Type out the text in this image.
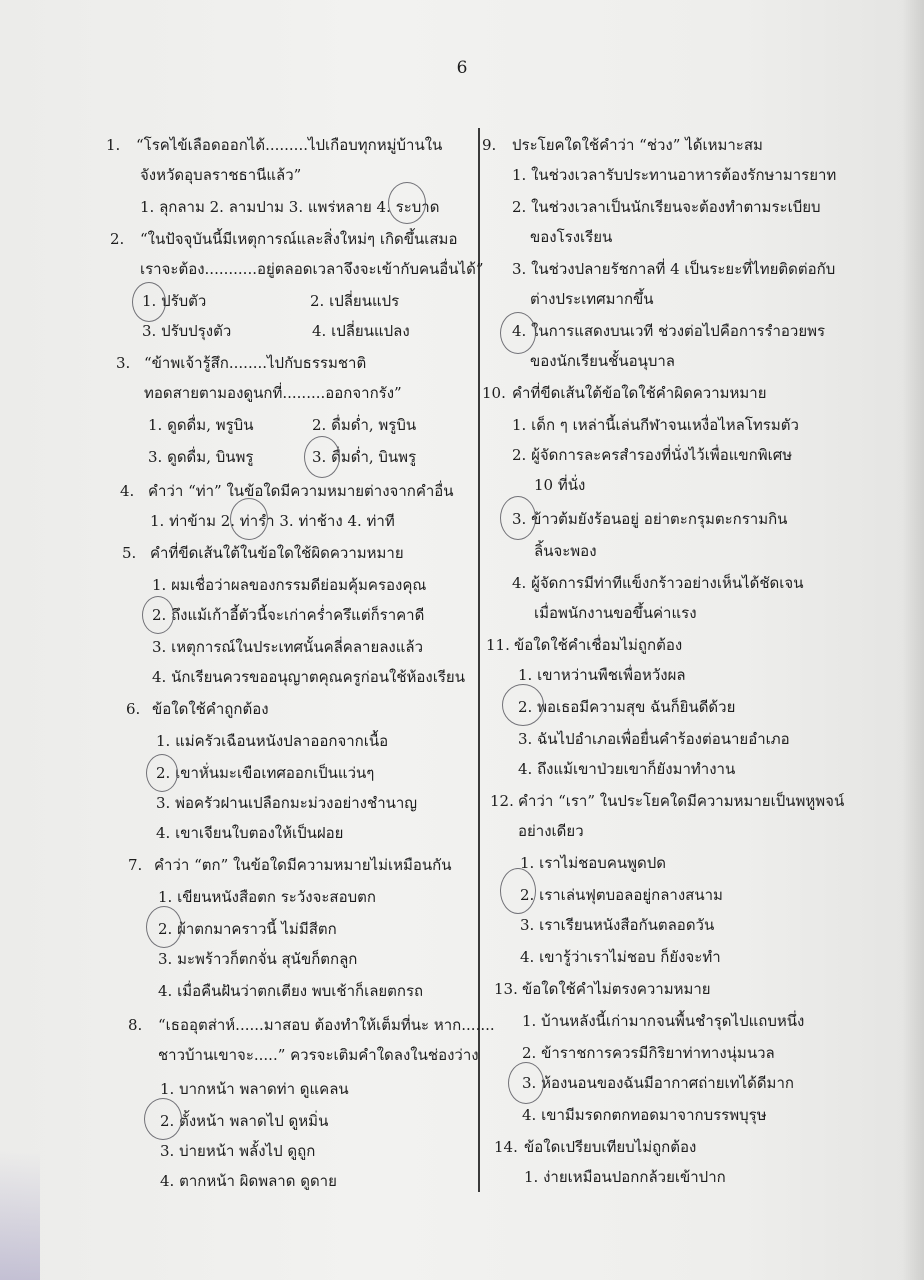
6
1. “โรคไข้เลือดออกได้.........ไปเกือบทุกหมู่บ้านใน
จังหวัดอุบลราชธานีแล้ว”
1. ลุกลาม 2. ลามปาม 3. แพร่หลาย 4. ระบาด
2. “ในปัจจุบันนี้มีเหตุการณ์และสิ่งใหม่ๆ เกิดขึ้นเสมอ
เราจะต้อง...........อยู่ตลอดเวลาจึงจะเข้ากับคนอื่นได้”
1. ปรับตัว	2. เปลี่ยนแปร
3. ปรับปรุงตัว	4. เปลี่ยนแปลง
3. “ข้าพเจ้ารู้สึก........ไปกับธรรมชาติ
ทอดสายตามองดูนกที่.........ออกจากรัง”
1. ดูดดื่ม, พรูบิน	2. ดื่มด่ำ, พรูบิน
3. ดูดดื่ม, บินพรู	3. ดื่มด่ำ, บินพรู
4. คำว่า “ท่า” ในข้อใดมีความหมายต่างจากคำอื่น
1. ท่าข้าม 2. ท่ารำ 3. ท่าช้าง 4. ท่าที
5. คำที่ขีดเส้นใต้ในข้อใดใช้ผิดความหมาย
1. ผมเชื่อว่าผลของกรรมดีย่อมคุ้มครองคุณ
2. ถึงแม้เก้าอี้ตัวนี้จะเก่าคร่ำครึแต่ก็ราคาดี
3. เหตุการณ์ในประเทศนั้นคลี่คลายลงแล้ว
4. นักเรียนควรขออนุญาตคุณครูก่อนใช้ห้องเรียน
6. ข้อใดใช้คำถูกต้อง
1. แม่ครัวเฉือนหนังปลาออกจากเนื้อ
2. เขาหั่นมะเขือเทศออกเป็นแว่นๆ
3. พ่อครัวฝานเปลือกมะม่วงอย่างชำนาญ
4. เขาเจียนใบตองให้เป็นฝอย
7. คำว่า “ตก” ในข้อใดมีความหมายไม่เหมือนกัน
1. เขียนหนังสือตก ระวังจะสอบตก
2. ผ้าตกมาคราวนี้ ไม่มีสีตก
3. มะพร้าวก็ตกจั่น สุนัขก็ตกลูก
4. เมื่อคืนฝันว่าตกเตียง พบเช้าก็เลยตกรถ
8. “เธออุตส่าห์......มาสอบ ต้องทำให้เต็มที่นะ หาก.......
ชาวบ้านเขาจะ.....” ควรจะเติมคำใดลงในช่องว่าง
1. บากหน้า พลาดท่า ดูแคลน
2. ตั้งหน้า พลาดไป ดูหมิ่น
3. บ่ายหน้า พลั้งไป ดูถูก
4. ตากหน้า ผิดพลาด ดูดาย
9. ประโยคใดใช้คำว่า “ช่วง” ได้เหมาะสม
1. ในช่วงเวลารับประทานอาหารต้องรักษามารยาท
2. ในช่วงเวลาเป็นนักเรียนจะต้องทำตามระเบียบ
ของโรงเรียน
3. ในช่วงปลายรัชกาลที่ 4 เป็นระยะที่ไทยติดต่อกับ
ต่างประเทศมากขึ้น
4. ในการแสดงบนเวที ช่วงต่อไปคือการรำอวยพร
ของนักเรียนชั้นอนุบาล
10. คำที่ขีดเส้นใต้ข้อใดใช้คำผิดความหมาย
1. เด็ก ๆ เหล่านี้เล่นกีฬาจนเหงื่อไหลโทรมตัว
2. ผู้จัดการละครสำรองที่นั่งไว้เพื่อแขกพิเศษ
10 ที่นั่ง
3. ข้าวต้มยังร้อนอยู่ อย่าตะกรุมตะกรามกิน
ลิ้นจะพอง
4. ผู้จัดการมีท่าทีแข็งกร้าวอย่างเห็นได้ชัดเจน
เมื่อพนักงานขอขึ้นค่าแรง
11. ข้อใดใช้คำเชื่อมไม่ถูกต้อง
1. เขาหว่านพืชเพื่อหวังผล
2. พอเธอมีความสุข ฉันก็ยินดีด้วย
3. ฉันไปอำเภอเพื่อยื่นคำร้องต่อนายอำเภอ
4. ถึงแม้เขาป่วยเขาก็ยังมาทำงาน
12. คำว่า “เรา” ในประโยคใดมีความหมายเป็นพหูพจน์
อย่างเดียว
1. เราไม่ชอบคนพูดปด
2. เราเล่นฟุตบอลอยู่กลางสนาม
3. เราเรียนหนังสือกันตลอดวัน
4. เขารู้ว่าเราไม่ชอบ ก็ยังจะทำ
13. ข้อใดใช้คำไม่ตรงความหมาย
1. บ้านหลังนี้เก่ามากจนพื้นชำรุดไปแถบหนึ่ง
2. ข้าราชการควรมีกิริยาท่าทางนุ่มนวล
3. ห้องนอนของฉันมีอากาศถ่ายเทได้ดีมาก
4. เขามีมรดกตกทอดมาจากบรรพบุรุษ
14. ข้อใดเปรียบเทียบไม่ถูกต้อง
1. ง่ายเหมือนปอกกล้วยเข้าปาก
